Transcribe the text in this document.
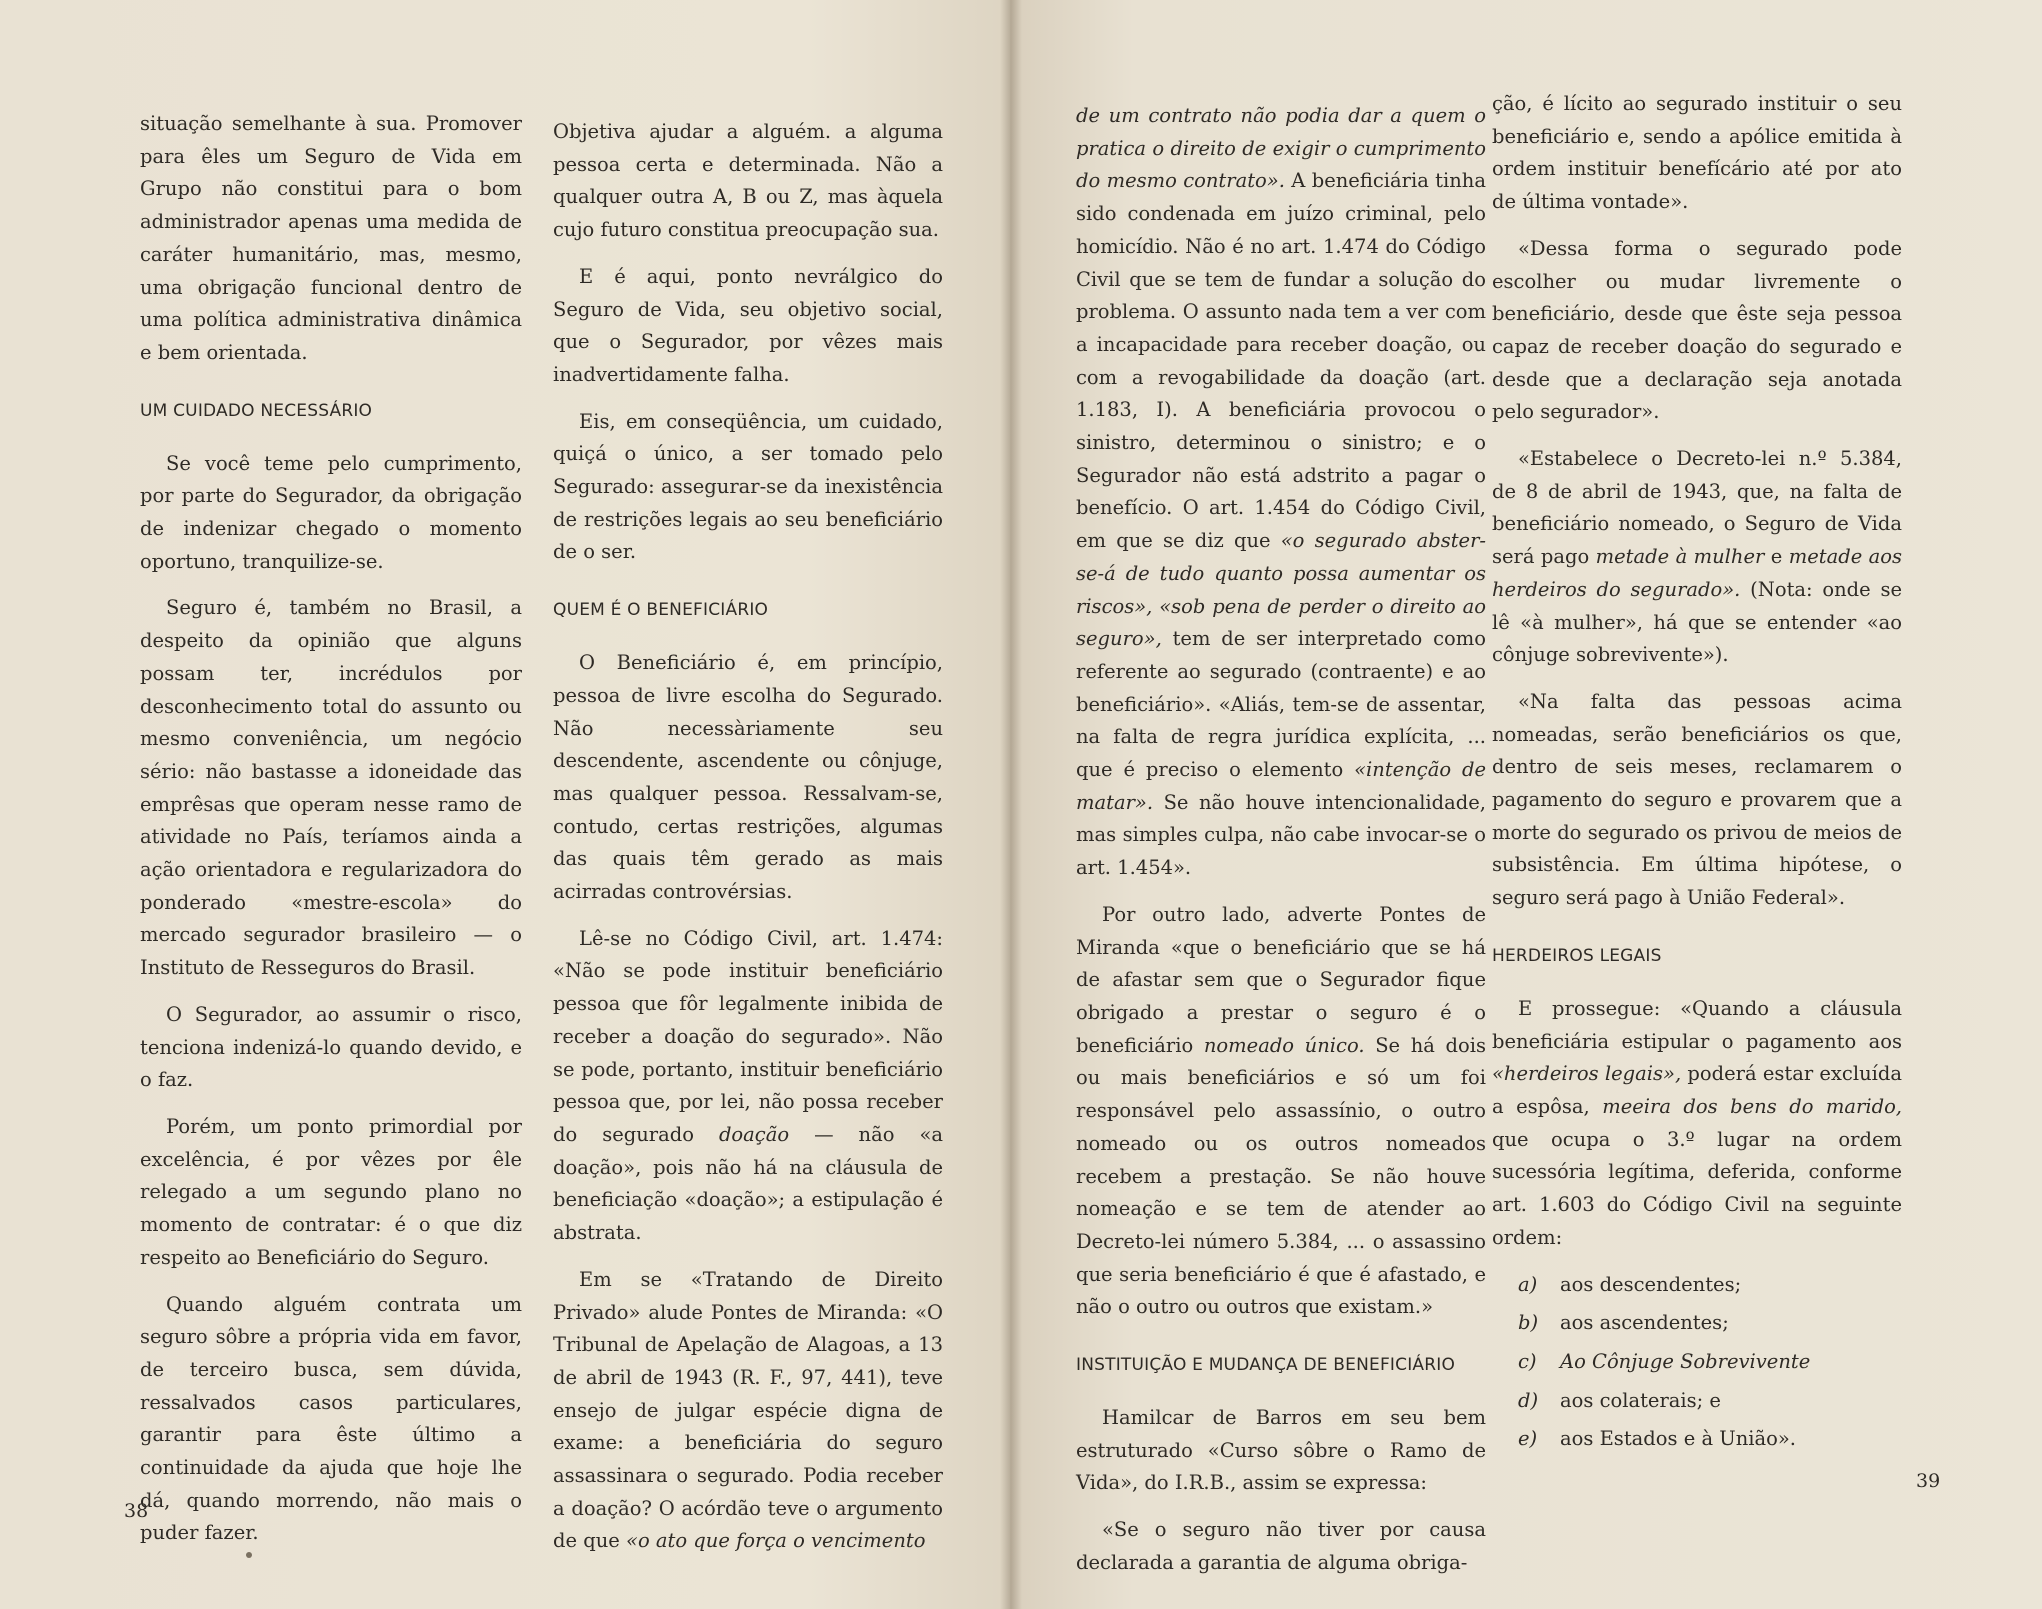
situação semelhante à sua. Promover para êles um Seguro de Vida em Grupo não constitui para o bom administrador apenas uma medida de caráter humanitário, mas, mesmo, uma obrigação funcional dentro de uma política administrativa dinâmica e bem orientada.

UM CUIDADO NECESSÁRIO

Se você teme pelo cumprimento, por parte do Segurador, da obrigação de indenizar chegado o momento oportuno, tranquilize-se.

Seguro é, também no Brasil, a despeito da opinião que alguns possam ter, incrédulos por desconhecimento total do assunto ou mesmo conveniência, um negócio sério: não bastasse a idoneidade das emprêsas que operam nesse ramo de atividade no País, teríamos ainda a ação orientadora e regularizadora do ponderado «mestre-escola» do mercado segurador brasileiro — o Instituto de Resseguros do Brasil.

O Segurador, ao assumir o risco, tenciona indenizá-lo quando devido, e o faz.

Porém, um ponto primordial por excelência, é por vêzes por êle relegado a um segundo plano no momento de contratar: é o que diz respeito ao Beneficiário do Seguro.

Quando alguém contrata um seguro sôbre a própria vida em favor, de terceiro busca, sem dúvida, ressalvados casos particulares, garantir para êste último a continuidade da ajuda que hoje lhe dá, quando morrendo, não mais o puder fazer.

Objetiva ajudar a alguém. a alguma pessoa certa e determinada. Não a qualquer outra A, B ou Z, mas àquela cujo futuro constitua preocupação sua.

E é aqui, ponto nevrálgico do Seguro de Vida, seu objetivo social, que o Segurador, por vêzes mais inadvertidamente falha.

Eis, em conseqüência, um cuidado, quiçá o único, a ser tomado pelo Segurado: assegurar-se da inexistência de restrições legais ao seu beneficiário de o ser.

QUEM É O BENEFICIÁRIO

O Beneficiário é, em princípio, pessoa de livre escolha do Segurado. Não necessàriamente seu descendente, ascendente ou cônjuge, mas qualquer pessoa. Ressalvam-se, contudo, certas restrições, algumas das quais têm gerado as mais acirradas controvérsias.

Lê-se no Código Civil, art. 1.474: «Não se pode instituir beneficiário pessoa que fôr legalmente inibida de receber a doação do segurado». Não se pode, portanto, instituir beneficiário pessoa que, por lei, não possa receber do segurado doação — não «a doação», pois não há na cláusula de beneficiação «doação»; a estipulação é abstrata.

Em se «Tratando de Direito Privado» alude Pontes de Miranda: «O Tribunal de Apelação de Alagoas, a 13 de abril de 1943 (R. F., 97, 441), teve ensejo de julgar espécie digna de exame: a beneficiária do seguro assassinara o segurado. Podia receber a doação? O acórdão teve o argumento de que «o ato que força o vencimento

38

de um contrato não podia dar a quem o pratica o direito de exigir o cumprimento do mesmo contrato». A beneficiária tinha sido condenada em juízo criminal, pelo homicídio. Não é no art. 1.474 do Código Civil que se tem de fundar a solução do problema. O assunto nada tem a ver com a incapacidade para receber doação, ou com a revogabilidade da doação (art. 1.183, I). A beneficiária provocou o sinistro, determinou o sinistro; e o Segurador não está adstrito a pagar o benefício. O art. 1.454 do Código Civil, em que se diz que «o segurado abster-se-á de tudo quanto possa aumentar os riscos», «sob pena de perder o direito ao seguro», tem de ser interpretado como referente ao segurado (contraente) e ao beneficiário». «Aliás, tem-se de assentar, na falta de regra jurídica explícita, ... que é preciso o elemento «intenção de matar». Se não houve intencionalidade, mas simples culpa, não cabe invocar-se o art. 1.454».

Por outro lado, adverte Pontes de Miranda «que o beneficiário que se há de afastar sem que o Segurador fique obrigado a prestar o seguro é o beneficiário nomeado único. Se há dois ou mais beneficiários e só um foi responsável pelo assassínio, o outro nomeado ou os outros nomeados recebem a prestação. Se não houve nomeação e se tem de atender ao Decreto-lei número 5.384, ... o assassino que seria beneficiário é que é afastado, e não o outro ou outros que existam.»

INSTITUIÇÃO E MUDANÇA DE BENEFICIÁRIO

Hamilcar de Barros em seu bem estruturado «Curso sôbre o Ramo de Vida», do I.R.B., assim se expressa:

«Se o seguro não tiver por causa declarada a garantia de alguma obriga-

ção, é lícito ao segurado instituir o seu beneficiário e, sendo a apólice emitida à ordem instituir benefícário até por ato de última vontade».

«Dessa forma o segurado pode escolher ou mudar livremente o beneficiário, desde que êste seja pessoa capaz de receber doação do segurado e desde que a declaração seja anotada pelo segurador».

«Estabelece o Decreto-lei n.º 5.384, de 8 de abril de 1943, que, na falta de beneficiário nomeado, o Seguro de Vida será pago metade à mulher e metade aos herdeiros do segurado». (Nota: onde se lê «à mulher», há que se entender «ao cônjuge sobrevivente»).

«Na falta das pessoas acima nomeadas, serão beneficiários os que, dentro de seis meses, reclamarem o pagamento do seguro e provarem que a morte do segurado os privou de meios de subsistência. Em última hipótese, o seguro será pago à União Federal».

HERDEIROS LEGAIS

E prossegue: «Quando a cláusula beneficiária estipular o pagamento aos «herdeiros legais», poderá estar excluída a espôsa, meeira dos bens do marido, que ocupa o 3.º lugar na ordem sucessória legítima, deferida, conforme art. 1.603 do Código Civil na seguinte ordem:

a)	aos descendentes;
b)	aos ascendentes;
c)	Ao Cônjuge Sobrevivente
d)	aos colaterais; e
e)	aos Estados e à União».
39
